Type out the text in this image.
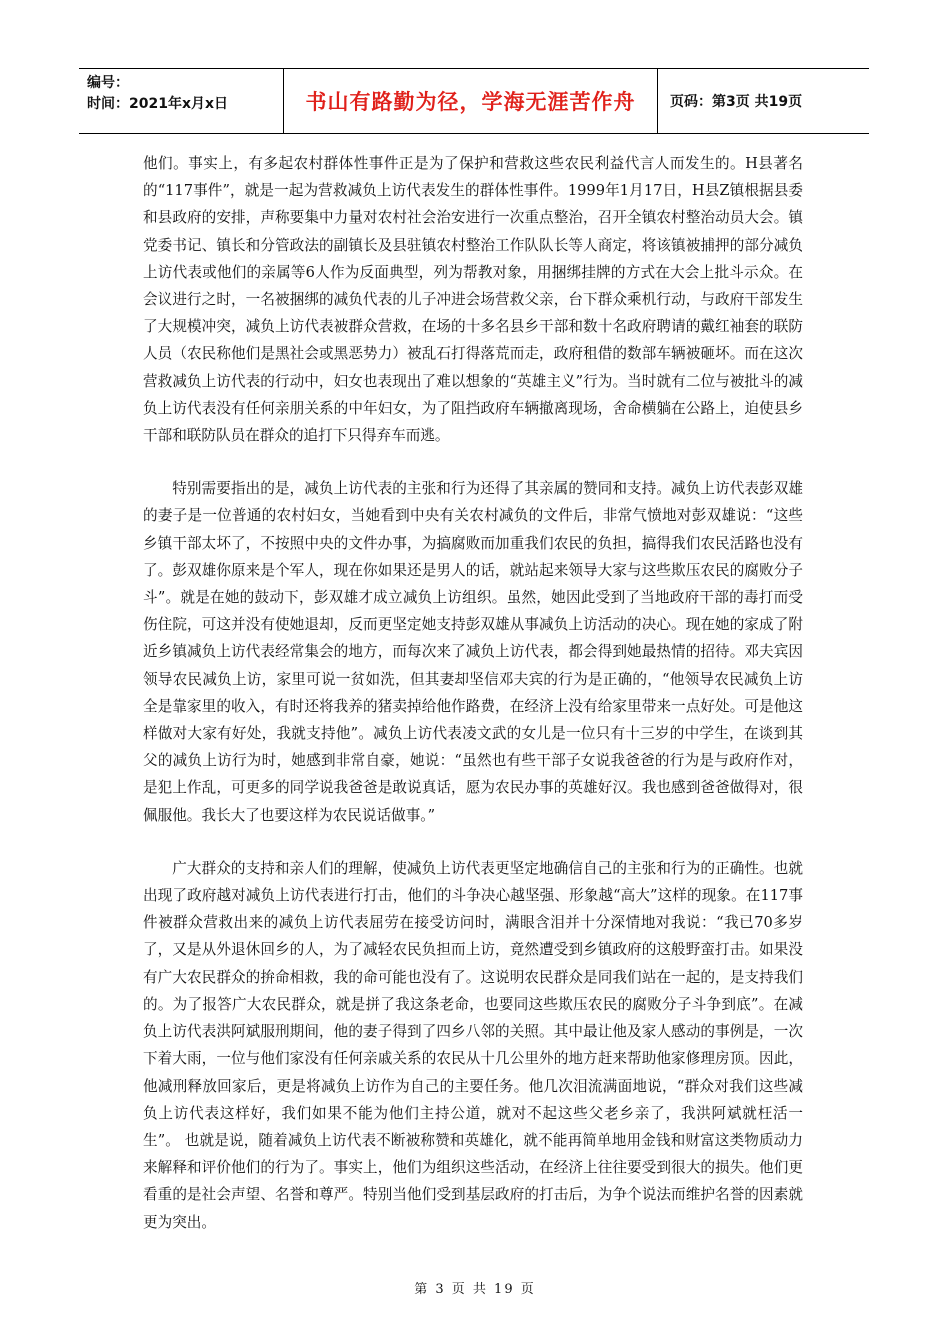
编号：
时间：2021年x月x日	书山有路勤为径，学海无涯苦作舟	页码：第3页 共19页

他们。事实上，有多起农村群体性事件正是为了保护和营救这些农民利益代言人而发生的。H县著名的“117事件”，就是一起为营救减负上访代表发生的群体性事件。1999年1月17日，H县Z镇根据县委和县政府的安排，声称要集中力量对农村社会治安进行一次重点整治，召开全镇农村整治动员大会。镇党委书记、镇长和分管政法的副镇长及县驻镇农村整治工作队队长等人商定，将该镇被捕押的部分减负上访代表或他们的亲属等6人作为反面典型，列为帮教对象，用捆绑挂牌的方式在大会上批斗示众。在会议进行之时，一名被捆绑的减负代表的儿子冲进会场营救父亲，台下群众乘机行动，与政府干部发生了大规模冲突，减负上访代表被群众营救，在场的十多名县乡干部和数十名政府聘请的戴红袖套的联防人员（农民称他们是黑社会或黑恶势力）被乱石打得落荒而走，政府租借的数部车辆被砸坏。而在这次营救减负上访代表的行动中，妇女也表现出了难以想象的“英雄主义”行为。当时就有二位与被批斗的减负上访代表没有任何亲朋关系的中年妇女，为了阻挡政府车辆撤离现场，舍命横躺在公路上，迫使县乡干部和联防队员在群众的追打下只得弃车而逃。

特别需要指出的是，减负上访代表的主张和行为还得了其亲属的赞同和支持。减负上访代表彭双雄的妻子是一位普通的农村妇女，当她看到中央有关农村减负的文件后，非常气愤地对彭双雄说：“这些乡镇干部太坏了，不按照中央的文件办事，为搞腐败而加重我们农民的负担，搞得我们农民活路也没有了。彭双雄你原来是个军人，现在你如果还是男人的话，就站起来领导大家与这些欺压农民的腐败分子斗”。就是在她的鼓动下，彭双雄才成立减负上访组织。虽然，她因此受到了当地政府干部的毒打而受伤住院，可这并没有使她退却，反而更坚定她支持彭双雄从事减负上访活动的决心。现在她的家成了附近乡镇减负上访代表经常集会的地方，而每次来了减负上访代表，都会得到她最热情的招待。邓夫宾因领导农民减负上访，家里可说一贫如洗，但其妻却坚信邓夫宾的行为是正确的，“他领导农民减负上访全是靠家里的收入，有时还将我养的猪卖掉给他作路费，在经济上没有给家里带来一点好处。可是他这样做对大家有好处，我就支持他”。减负上访代表凌文武的女儿是一位只有十三岁的中学生，在谈到其父的减负上访行为时，她感到非常自豪，她说：“虽然也有些干部子女说我爸爸的行为是与政府作对，是犯上作乱，可更多的同学说我爸爸是敢说真话，愿为农民办事的英雄好汉。我也感到爸爸做得对，很佩服他。我长大了也要这样为农民说话做事。”

广大群众的支持和亲人们的理解，使减负上访代表更坚定地确信自己的主张和行为的正确性。也就出现了政府越对减负上访代表进行打击，他们的斗争决心越坚强、形象越“高大”这样的现象。在117事件被群众营救出来的减负上访代表屈劳在接受访问时，满眼含泪并十分深情地对我说：“我已70多岁了，又是从外退休回乡的人，为了减轻农民负担而上访，竟然遭受到乡镇政府的这般野蛮打击。如果没有广大农民群众的拚命相救，我的命可能也没有了。这说明农民群众是同我们站在一起的，是支持我们的。为了报答广大农民群众，就是拼了我这条老命，也要同这些欺压农民的腐败分子斗争到底”。在减负上访代表洪阿斌服刑期间，他的妻子得到了四乡八邻的关照。其中最让他及家人感动的事例是，一次下着大雨，一位与他们家没有任何亲戚关系的农民从十几公里外的地方赶来帮助他家修理房顶。因此，他减刑释放回家后，更是将减负上访作为自己的主要任务。他几次泪流满面地说，“群众对我们这些减负上访代表这样好，我们如果不能为他们主持公道，就对不起这些父老乡亲了，我洪阿斌就枉活一生”。 也就是说，随着减负上访代表不断被称赞和英雄化，就不能再简单地用金钱和财富这类物质动力来解释和评价他们的行为了。事实上，他们为组织这些活动，在经济上往往要受到很大的损失。他们更看重的是社会声望、名誉和尊严。特别当他们受到基层政府的打击后，为争个说法而维护名誉的因素就更为突出。

第 3 页 共 19 页
